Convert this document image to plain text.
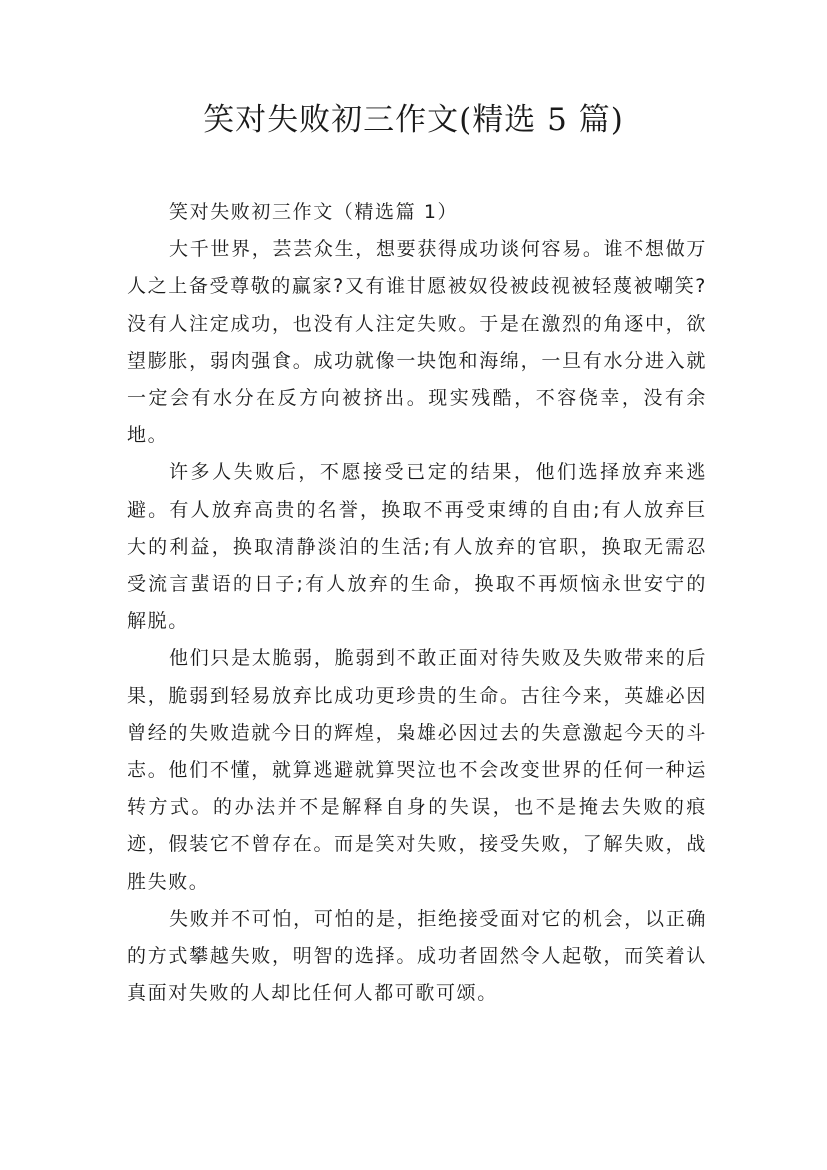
笑对失败初三作文(精选 5 篇)

笑对失败初三作文（精选篇 1）

大千世界，芸芸众生，想要获得成功谈何容易。谁不想做万人之上备受尊敬的赢家?又有谁甘愿被奴役被歧视被轻蔑被嘲笑?没有人注定成功，也没有人注定失败。于是在激烈的角逐中，欲望膨胀，弱肉强食。成功就像一块饱和海绵，一旦有水分进入就一定会有水分在反方向被挤出。现实残酷，不容侥幸，没有余地。

许多人失败后，不愿接受已定的结果，他们选择放弃来逃避。有人放弃高贵的名誉，换取不再受束缚的自由;有人放弃巨大的利益，换取清静淡泊的生活;有人放弃的官职，换取无需忍受流言蜚语的日子;有人放弃的生命，换取不再烦恼永世安宁的解脱。

他们只是太脆弱，脆弱到不敢正面对待失败及失败带来的后果，脆弱到轻易放弃比成功更珍贵的生命。古往今来，英雄必因曾经的失败造就今日的辉煌，枭雄必因过去的失意激起今天的斗志。他们不懂，就算逃避就算哭泣也不会改变世界的任何一种运转方式。的办法并不是解释自身的失误，也不是掩去失败的痕迹，假装它不曾存在。而是笑对失败，接受失败，了解失败，战胜失败。

失败并不可怕，可怕的是，拒绝接受面对它的机会，以正确的方式攀越失败，明智的选择。成功者固然令人起敬，而笑着认真面对失败的人却比任何人都可歌可颂。
